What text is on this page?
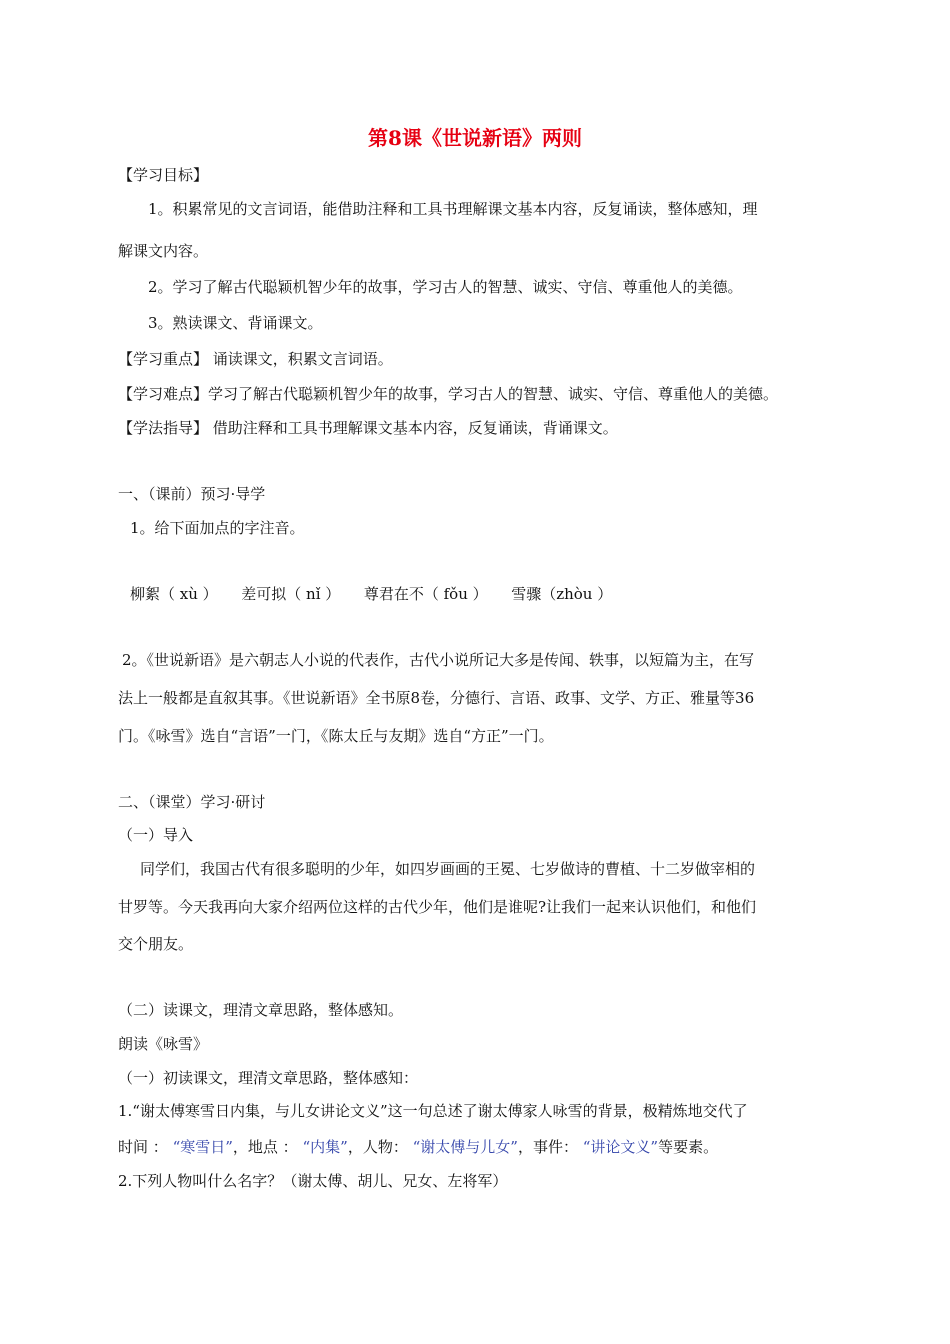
第8课《世说新语》两则
【学习目标】
1。积累常见的文言词语，能借助注释和工具书理解课文基本内容，反复诵读，整体感知，理
解课文内容。
2。学习了解古代聪颖机智少年的故事，学习古人的智慧、诚实、守信、尊重他人的美德。
3。熟读课文、背诵课文。
【学习重点】 诵读课文，积累文言词语。
【学习难点】学习了解古代聪颖机智少年的故事，学习古人的智慧、诚实、守信、尊重他人的美德。
【学法指导】 借助注释和工具书理解课文基本内容，反复诵读，背诵课文。
一、（课前）预习·导学
1。给下面加点的字注音。
柳絮（ xù ） 差可拟（ nǐ ） 尊君在不（ fǒu ） 雪骤（zhòu ）
2。《世说新语》是六朝志人小说的代表作，古代小说所记大多是传闻、轶事，以短篇为主，在写
法上一般都是直叙其事。《世说新语》全书原8卷，分德行、言语、政事、文学、方正、雅量等36
门。《咏雪》选自“言语”一门，《陈太丘与友期》选自“方正”一门。
二、（课堂）学习·研讨
（一）导入
同学们，我国古代有很多聪明的少年，如四岁画画的王冕、七岁做诗的曹植、十二岁做宰相的
甘罗等。今天我再向大家介绍两位这样的古代少年，他们是谁呢?让我们一起来认识他们，和他们
交个朋友。
（二）读课文，理清文章思路，整体感知。
朗读《咏雪》
（一）初读课文，理清文章思路，整体感知：
1.“谢太傅寒雪日内集，与儿女讲论文义”这一句总述了谢太傅家人咏雪的背景，极精炼地交代了
时间 ： “寒雪日”，地点 ： “内集”，人物： “谢太傅与儿女”，事件： “讲论文义”等要素。
2.下列人物叫什么名字？（谢太傅、胡儿、兄女、左将军）
